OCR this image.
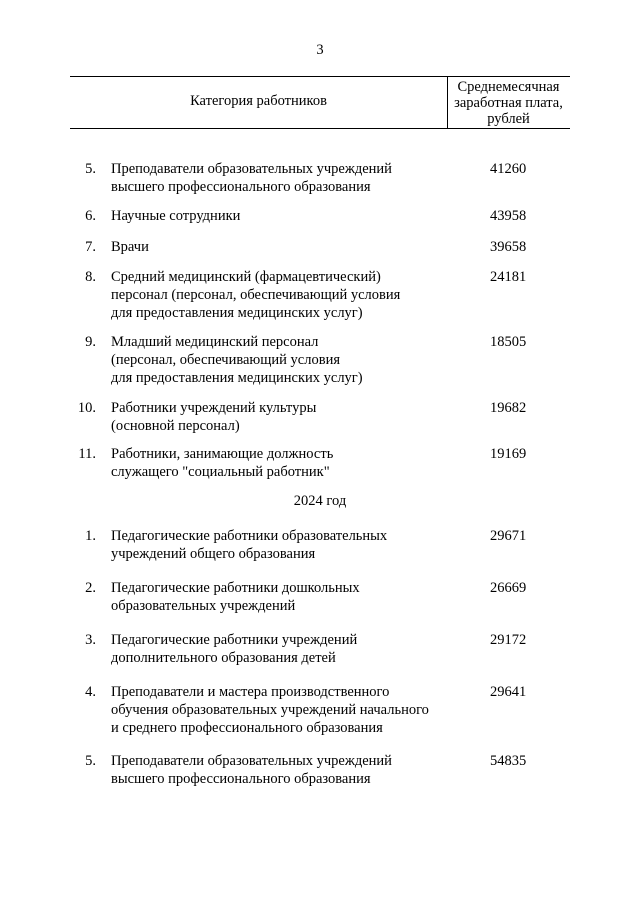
3
Категория работников
Среднемесячная заработная плата, рублей
5. Преподаватели образовательных учреждений
высшего профессионального образования
41260
6. Научные сотрудники	43958
7. Врачи	39658
8. Средний медицинский (фармацевтический)
персонал (персонал, обеспечивающий условия
для предоставления медицинских услуг)
24181
9. Младший медицинский персонал
(персонал, обеспечивающий условия
для предоставления медицинских услуг)
18505
10. Работники учреждений культуры
(основной персонал)
19682
11. Работники, занимающие должность
служащего "социальный работник"
19169
2024 год
1. Педагогические работники образовательных
учреждений общего образования
29671
2. Педагогические работники дошкольных
образовательных учреждений
26669
3. Педагогические работники учреждений
дополнительного образования детей
29172
4. Преподаватели и мастера производственного
обучения образовательных учреждений начального
и среднего профессионального образования
29641
5. Преподаватели образовательных учреждений
высшего профессионального образования
54835
